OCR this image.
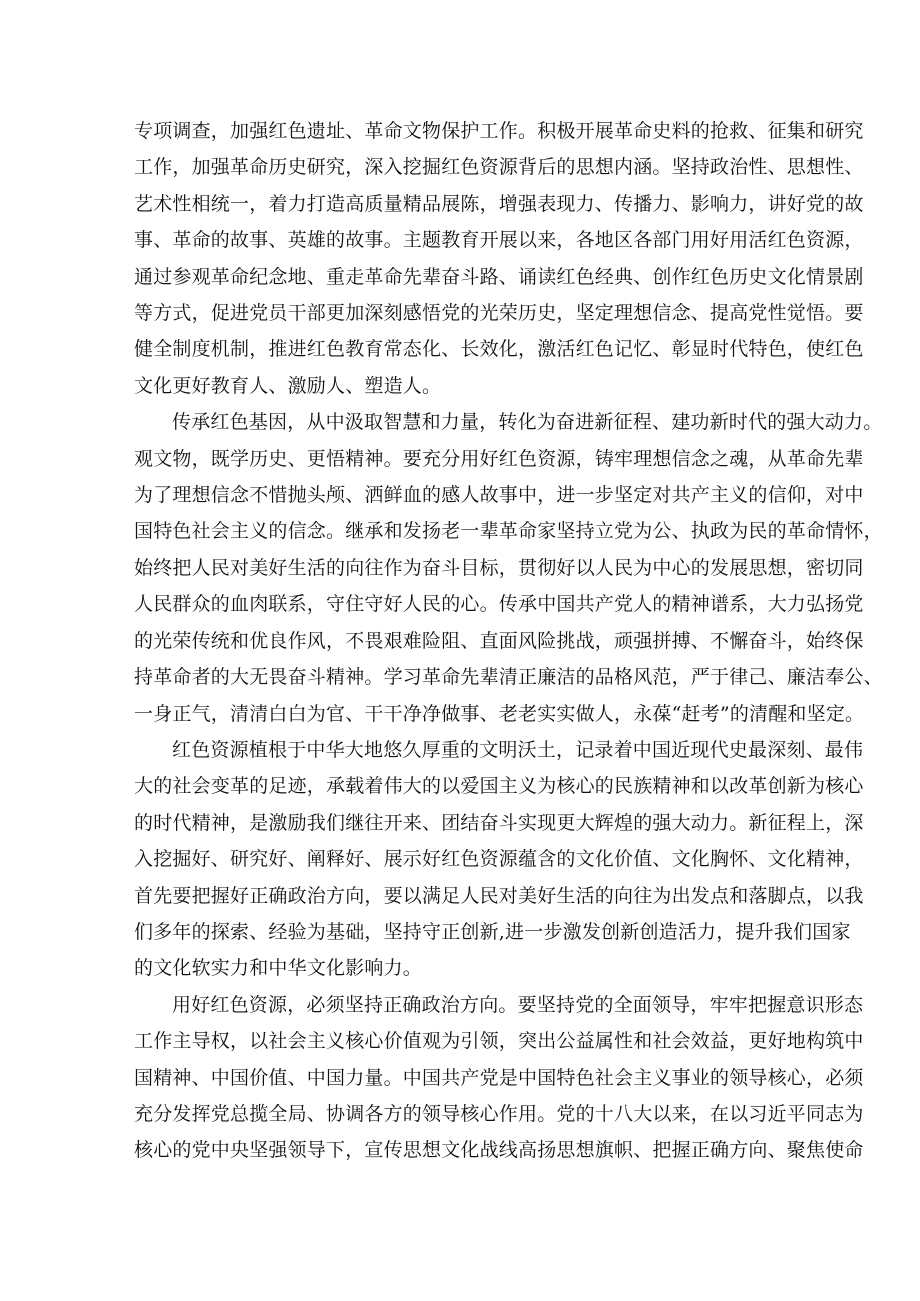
专项调查，加强红色遗址、革命文物保护工作。积极开展革命史料的抢救、征集和研究
工作，加强革命历史研究，深入挖掘红色资源背后的思想内涵。坚持政治性、思想性、
艺术性相统一，着力打造高质量精品展陈，增强表现力、传播力、影响力，讲好党的故
事、革命的故事、英雄的故事。主题教育开展以来，各地区各部门用好用活红色资源，
通过参观革命纪念地、重走革命先辈奋斗路、诵读红色经典、创作红色历史文化情景剧
等方式，促进党员干部更加深刻感悟党的光荣历史，坚定理想信念、提高党性觉悟。要
健全制度机制，推进红色教育常态化、长效化，激活红色记忆、彰显时代特色，使红色
文化更好教育人、激励人、塑造人。

传承红色基因，从中汲取智慧和力量，转化为奋进新征程、建功新时代的强大动力。
观文物，既学历史、更悟精神。要充分用好红色资源，铸牢理想信念之魂，从革命先辈
为了理想信念不惜抛头颅、洒鲜血的感人故事中，进一步坚定对共产主义的信仰，对中
国特色社会主义的信念。继承和发扬老一辈革命家坚持立党为公、执政为民的革命情怀，
始终把人民对美好生活的向往作为奋斗目标，贯彻好以人民为中心的发展思想，密切同
人民群众的血肉联系，守住守好人民的心。传承中国共产党人的精神谱系，大力弘扬党
的光荣传统和优良作风，不畏艰难险阻、直面风险挑战，顽强拼搏、不懈奋斗，始终保
持革命者的大无畏奋斗精神。学习革命先辈清正廉洁的品格风范，严于律己、廉洁奉公、
一身正气，清清白白为官、干干净净做事、老老实实做人，永葆“赶考”的清醒和坚定。

红色资源植根于中华大地悠久厚重的文明沃土，记录着中国近现代史最深刻、最伟
大的社会变革的足迹，承载着伟大的以爱国主义为核心的民族精神和以改革创新为核心
的时代精神，是激励我们继往开来、团结奋斗实现更大辉煌的强大动力。新征程上，深
入挖掘好、研究好、阐释好、展示好红色资源蕴含的文化价值、文化胸怀、文化精神，
首先要把握好正确政治方向，要以满足人民对美好生活的向往为出发点和落脚点，以我
们多年的探索、经验为基础，坚持守正创新,进一步激发创新创造活力，提升我们国家
的文化软实力和中华文化影响力。

用好红色资源，必须坚持正确政治方向。要坚持党的全面领导，牢牢把握意识形态
工作主导权，以社会主义核心价值观为引领，突出公益属性和社会效益，更好地构筑中
国精神、中国价值、中国力量。中国共产党是中国特色社会主义事业的领导核心，必须
充分发挥党总揽全局、协调各方的领导核心作用。党的十八大以来，在以习近平同志为
核心的党中央坚强领导下，宣传思想文化战线高扬思想旗帜、把握正确方向、聚焦使命
